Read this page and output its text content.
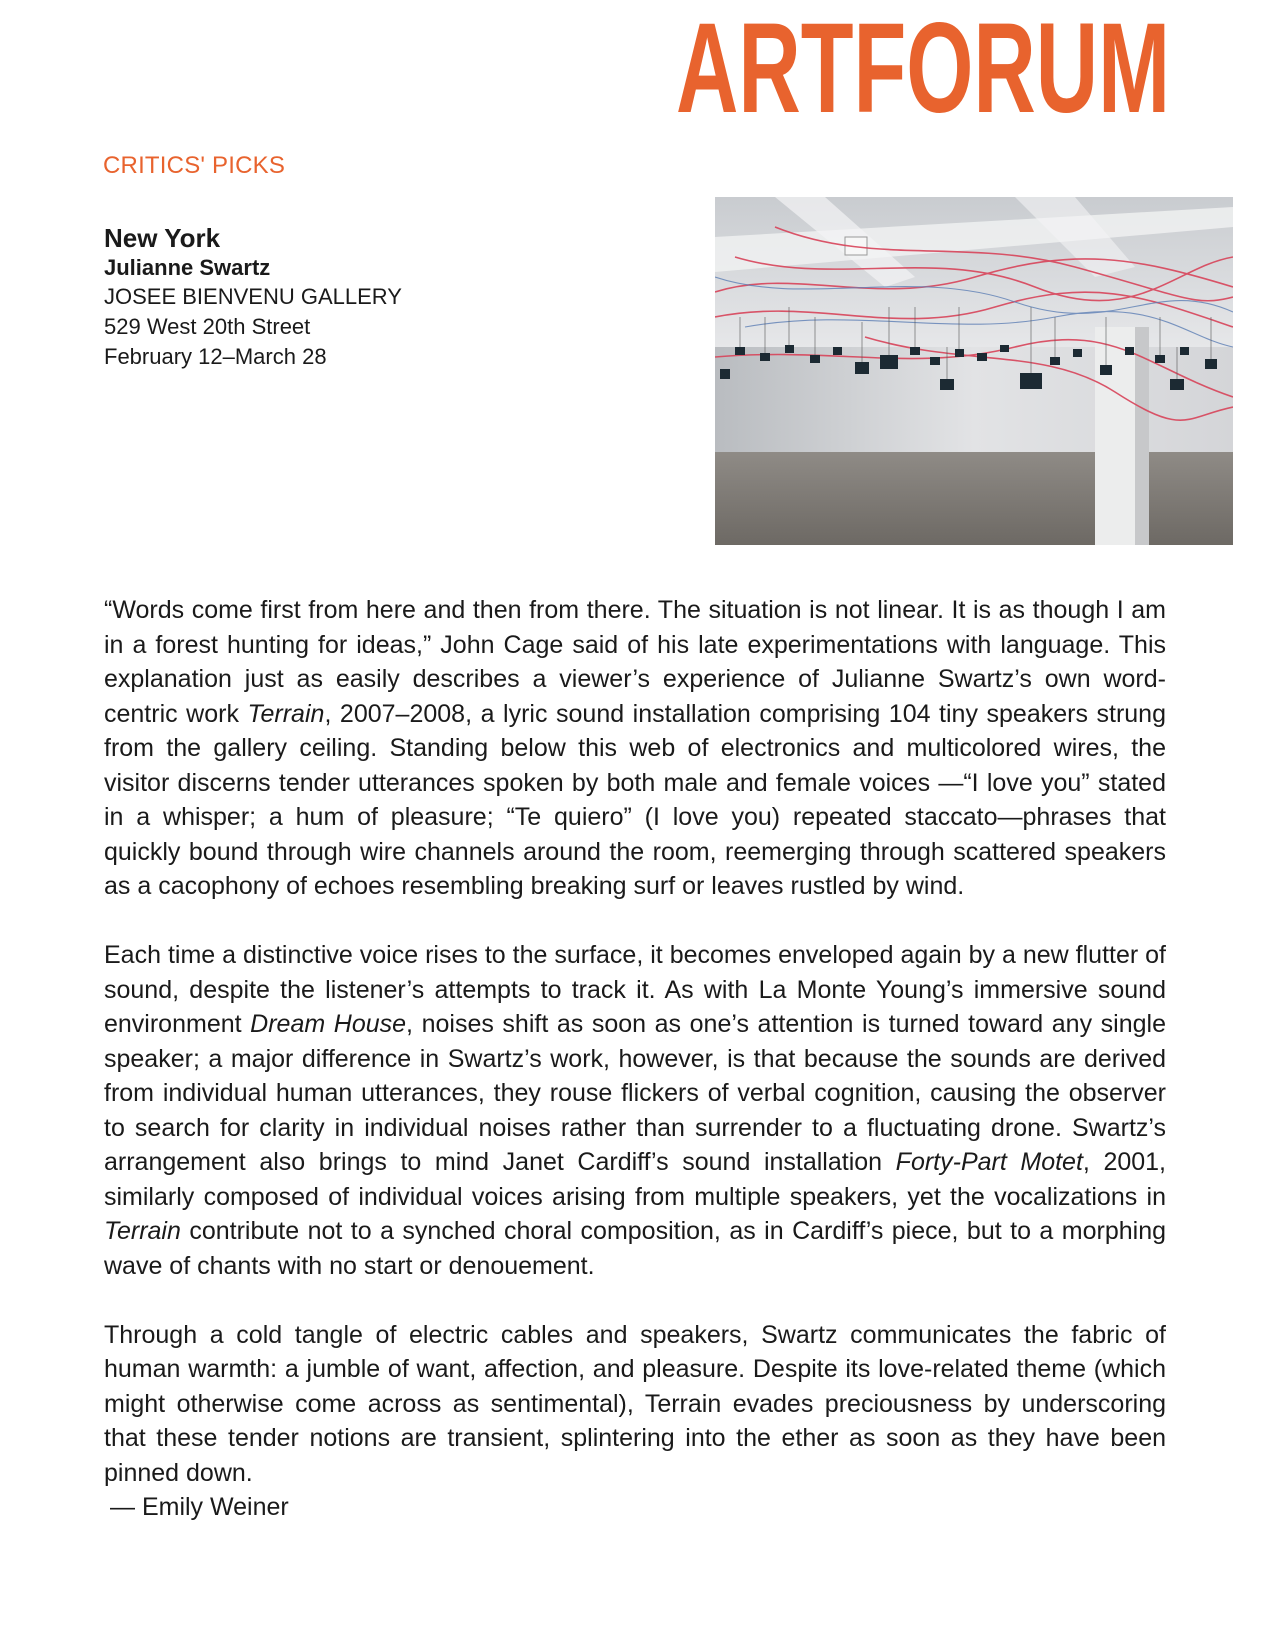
ARTFORUM
CRITICS' PICKS
New York
Julianne Swartz
JOSEE BIENVENU GALLERY
529 West 20th Street
February 12–March 28

“Words come first from here and then from there. The situation is not linear. It is as though I am in a forest hunting for ideas,” John Cage said of his late experimentations with language. This explanation just as easily describes a viewer’s experience of Julianne Swartz’s own word-centric work Terrain, 2007–2008, a lyric sound installation comprising 104 tiny speakers strung from the gallery ceiling. Standing below this web of electronics and multicolored wires, the visitor discerns tender utterances spoken by both male and female voices —“I love you” stated in a whisper; a hum of pleasure; “Te quiero” (I love you) repeated staccato—phrases that quickly bound through wire channels around the room, reemerging through scattered speakers as a cacophony of echoes resembling breaking surf or leaves rustled by wind.

Each time a distinctive voice rises to the surface, it becomes enveloped again by a new flutter of sound, despite the listener’s attempts to track it. As with La Monte Young’s immersive sound environment Dream House, noises shift as soon as one’s attention is turned toward any single speaker; a major difference in Swartz’s work, however, is that because the sounds are derived from individual human utterances, they rouse flickers of verbal cognition, causing the observer to search for clarity in individual noises rather than surrender to a fluctuating drone. Swartz’s arrangement also brings to mind Janet Cardiff’s sound installation Forty-Part Motet, 2001, similarly composed of individual voices arising from multiple speakers, yet the vocalizations in Terrain contribute not to a synched choral composition, as in Cardiff’s piece, but to a morphing wave of chants with no start or denouement.

Through a cold tangle of electric cables and speakers, Swartz communicates the fabric of human warmth: a jumble of want, affection, and pleasure. Despite its love-related theme (which might otherwise come across as sentimental), Terrain evades preciousness by underscoring that these tender notions are transient, splintering into the ether as soon as they have been pinned down.

— Emily Weiner
